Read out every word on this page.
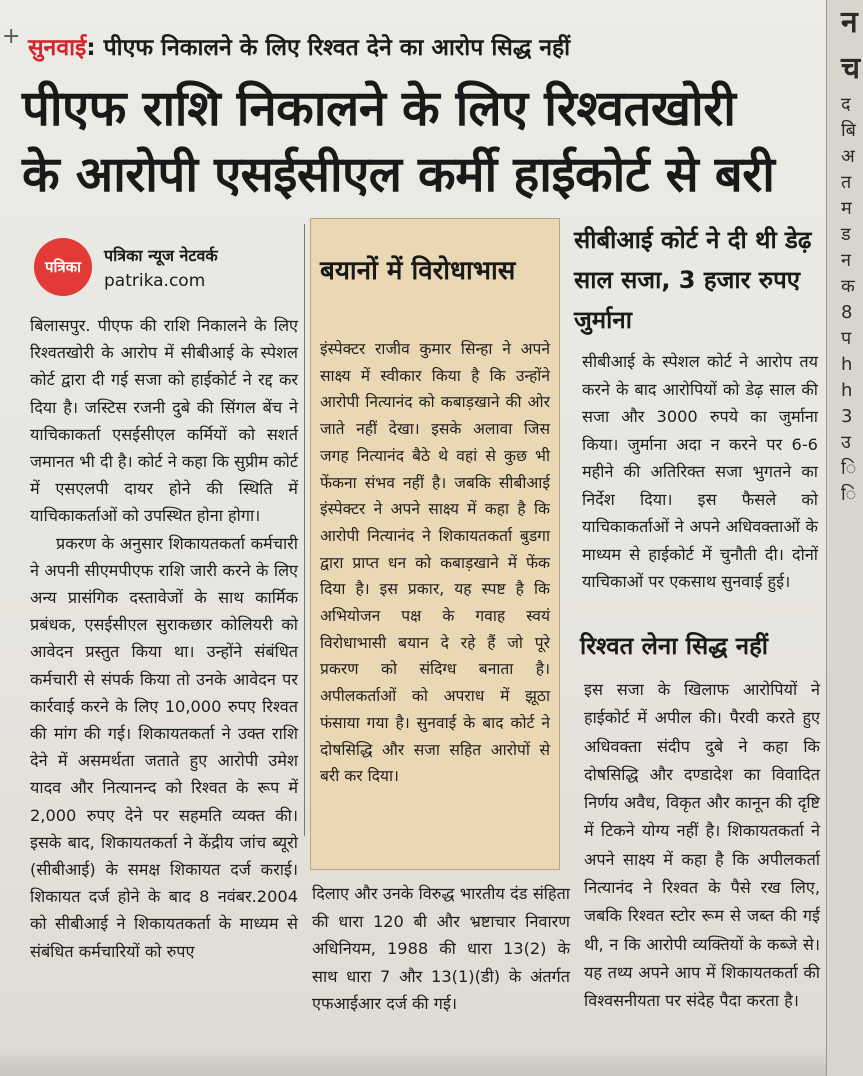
न
च
द
बि
अ
त
म
ड
न
क
8
प
h
h
3
उ
ि
ि
+ सुनवाई: पीएफ निकालने के लिए रिश्वत देने का आरोप सिद्ध नहीं
पीएफ राशि निकालने के लिए रिश्वतखोरी
के आरोपी एसईसीएल कर्मी हाईकोर्ट से बरी
पत्रिका
पत्रिका न्यूज नेटवर्क
patrika.com

बिलासपुर. पीएफ की राशि निकालने के लिए रिश्वतखोरी के आरोप में सीबीआई के स्पेशल कोर्ट द्वारा दी गई सजा को हाईकोर्ट ने रद्द कर दिया है। जस्टिस रजनी दुबे की सिंगल बेंच ने याचिकाकर्ता एसईसीएल कर्मियों को सशर्त जमानत भी दी है। कोर्ट ने कहा कि सुप्रीम कोर्ट में एसएलपी दायर होने की स्थिति में याचिकाकर्ताओं को उपस्थित होना होगा।

प्रकरण के अनुसार शिकायतकर्ता कर्मचारी ने अपनी सीएमपीएफ राशि जारी करने के लिए अन्य प्रासंगिक दस्तावेजों के साथ कार्मिक प्रबंधक, एसईसीएल सुराकछार कोलियरी को आवेदन प्रस्तुत किया था। उन्होंने संबंधित कर्मचारी से संपर्क किया तो उनके आवेदन पर कार्रवाई करने के लिए 10,000 रुपए रिश्वत की मांग की गई। शिकायतकर्ता ने उक्त राशि देने में असमर्थता जताते हुए आरोपी उमेश यादव और नित्यानन्द को रिश्वत के रूप में 2,000 रुपए देने पर सहमति व्यक्त की। इसके बाद, शिकायतकर्ता ने केंद्रीय जांच ब्यूरो (सीबीआई) के समक्ष शिकायत दर्ज कराई। शिकायत दर्ज होने के बाद 8 नवंबर.2004 को सीबीआई ने शिकायतकर्ता के माध्यम से संबंधित कर्मचारियों को रुपए

बयानों में विरोधाभास

इंस्पेक्टर राजीव कुमार सिन्हा ने अपने साक्ष्य में स्वीकार किया है कि उन्होंने आरोपी नित्यानंद को कबाड़खाने की ओर जाते नहीं देखा। इसके अलावा जिस जगह नित्यानंद बैठे थे वहां से कुछ भी फेंकना संभव नहीं है। जबकि सीबीआई इंस्पेक्टर ने अपने साक्ष्य में कहा है कि आरोपी नित्यानंद ने शिकायतकर्ता बुडगा द्वारा प्राप्त धन को कबाड़खाने में फेंक दिया है। इस प्रकार, यह स्पष्ट है कि अभियोजन पक्ष के गवाह स्वयं विरोधाभासी बयान दे रहे हैं जो पूरे प्रकरण को संदिग्ध बनाता है।अपीलकर्ताओं को अपराध में झूठा फंसाया गया है। सुनवाई के बाद कोर्ट ने दोषसिद्धि और सजा सहित आरोपों से बरी कर दिया।

दिलाए और उनके विरुद्ध भारतीय दंड संहिता की धारा 120 बी और भ्रष्टाचार निवारण अधिनियम, 1988 की धारा 13(2) के साथ धारा 7 और 13(1)(डी) के अंतर्गत एफआईआर दर्ज की गई।

सीबीआई कोर्ट ने दी थी डेढ़ साल सजा, 3 हजार रुपए जुर्माना

सीबीआई के स्पेशल कोर्ट ने आरोप तय करने के बाद आरोपियों को डेढ़ साल की सजा और 3000 रुपये का जुर्माना किया। जुर्माना अदा न करने पर 6-6 महीने की अतिरिक्त सजा भुगतने का निर्देश दिया। इस फैसले को याचिकाकर्ताओं ने अपने अधिवक्ताओं के माध्यम से हाईकोर्ट में चुनौती दी। दोनों याचिकाओं पर एकसाथ सुनवाई हुई।

रिश्वत लेना सिद्ध नहीं

इस सजा के खिलाफ आरोपियों ने हाईकोर्ट में अपील की। पैरवी करते हुए अधिवक्ता संदीप दुबे ने कहा कि दोषसिद्धि और दण्डादेश का विवादित निर्णय अवैध, विकृत और कानून की दृष्टि में टिकने योग्य नहीं है। शिकायतकर्ता ने अपने साक्ष्य में कहा है कि अपीलकर्ता नित्यानंद ने रिश्वत के पैसे रख लिए, जबकि रिश्वत स्टोर रूम से जब्त की गई थी, न कि आरोपी व्यक्तियों के कब्जे से। यह तथ्य अपने आप में शिकायतकर्ता की विश्वसनीयता पर संदेह पैदा करता है।
